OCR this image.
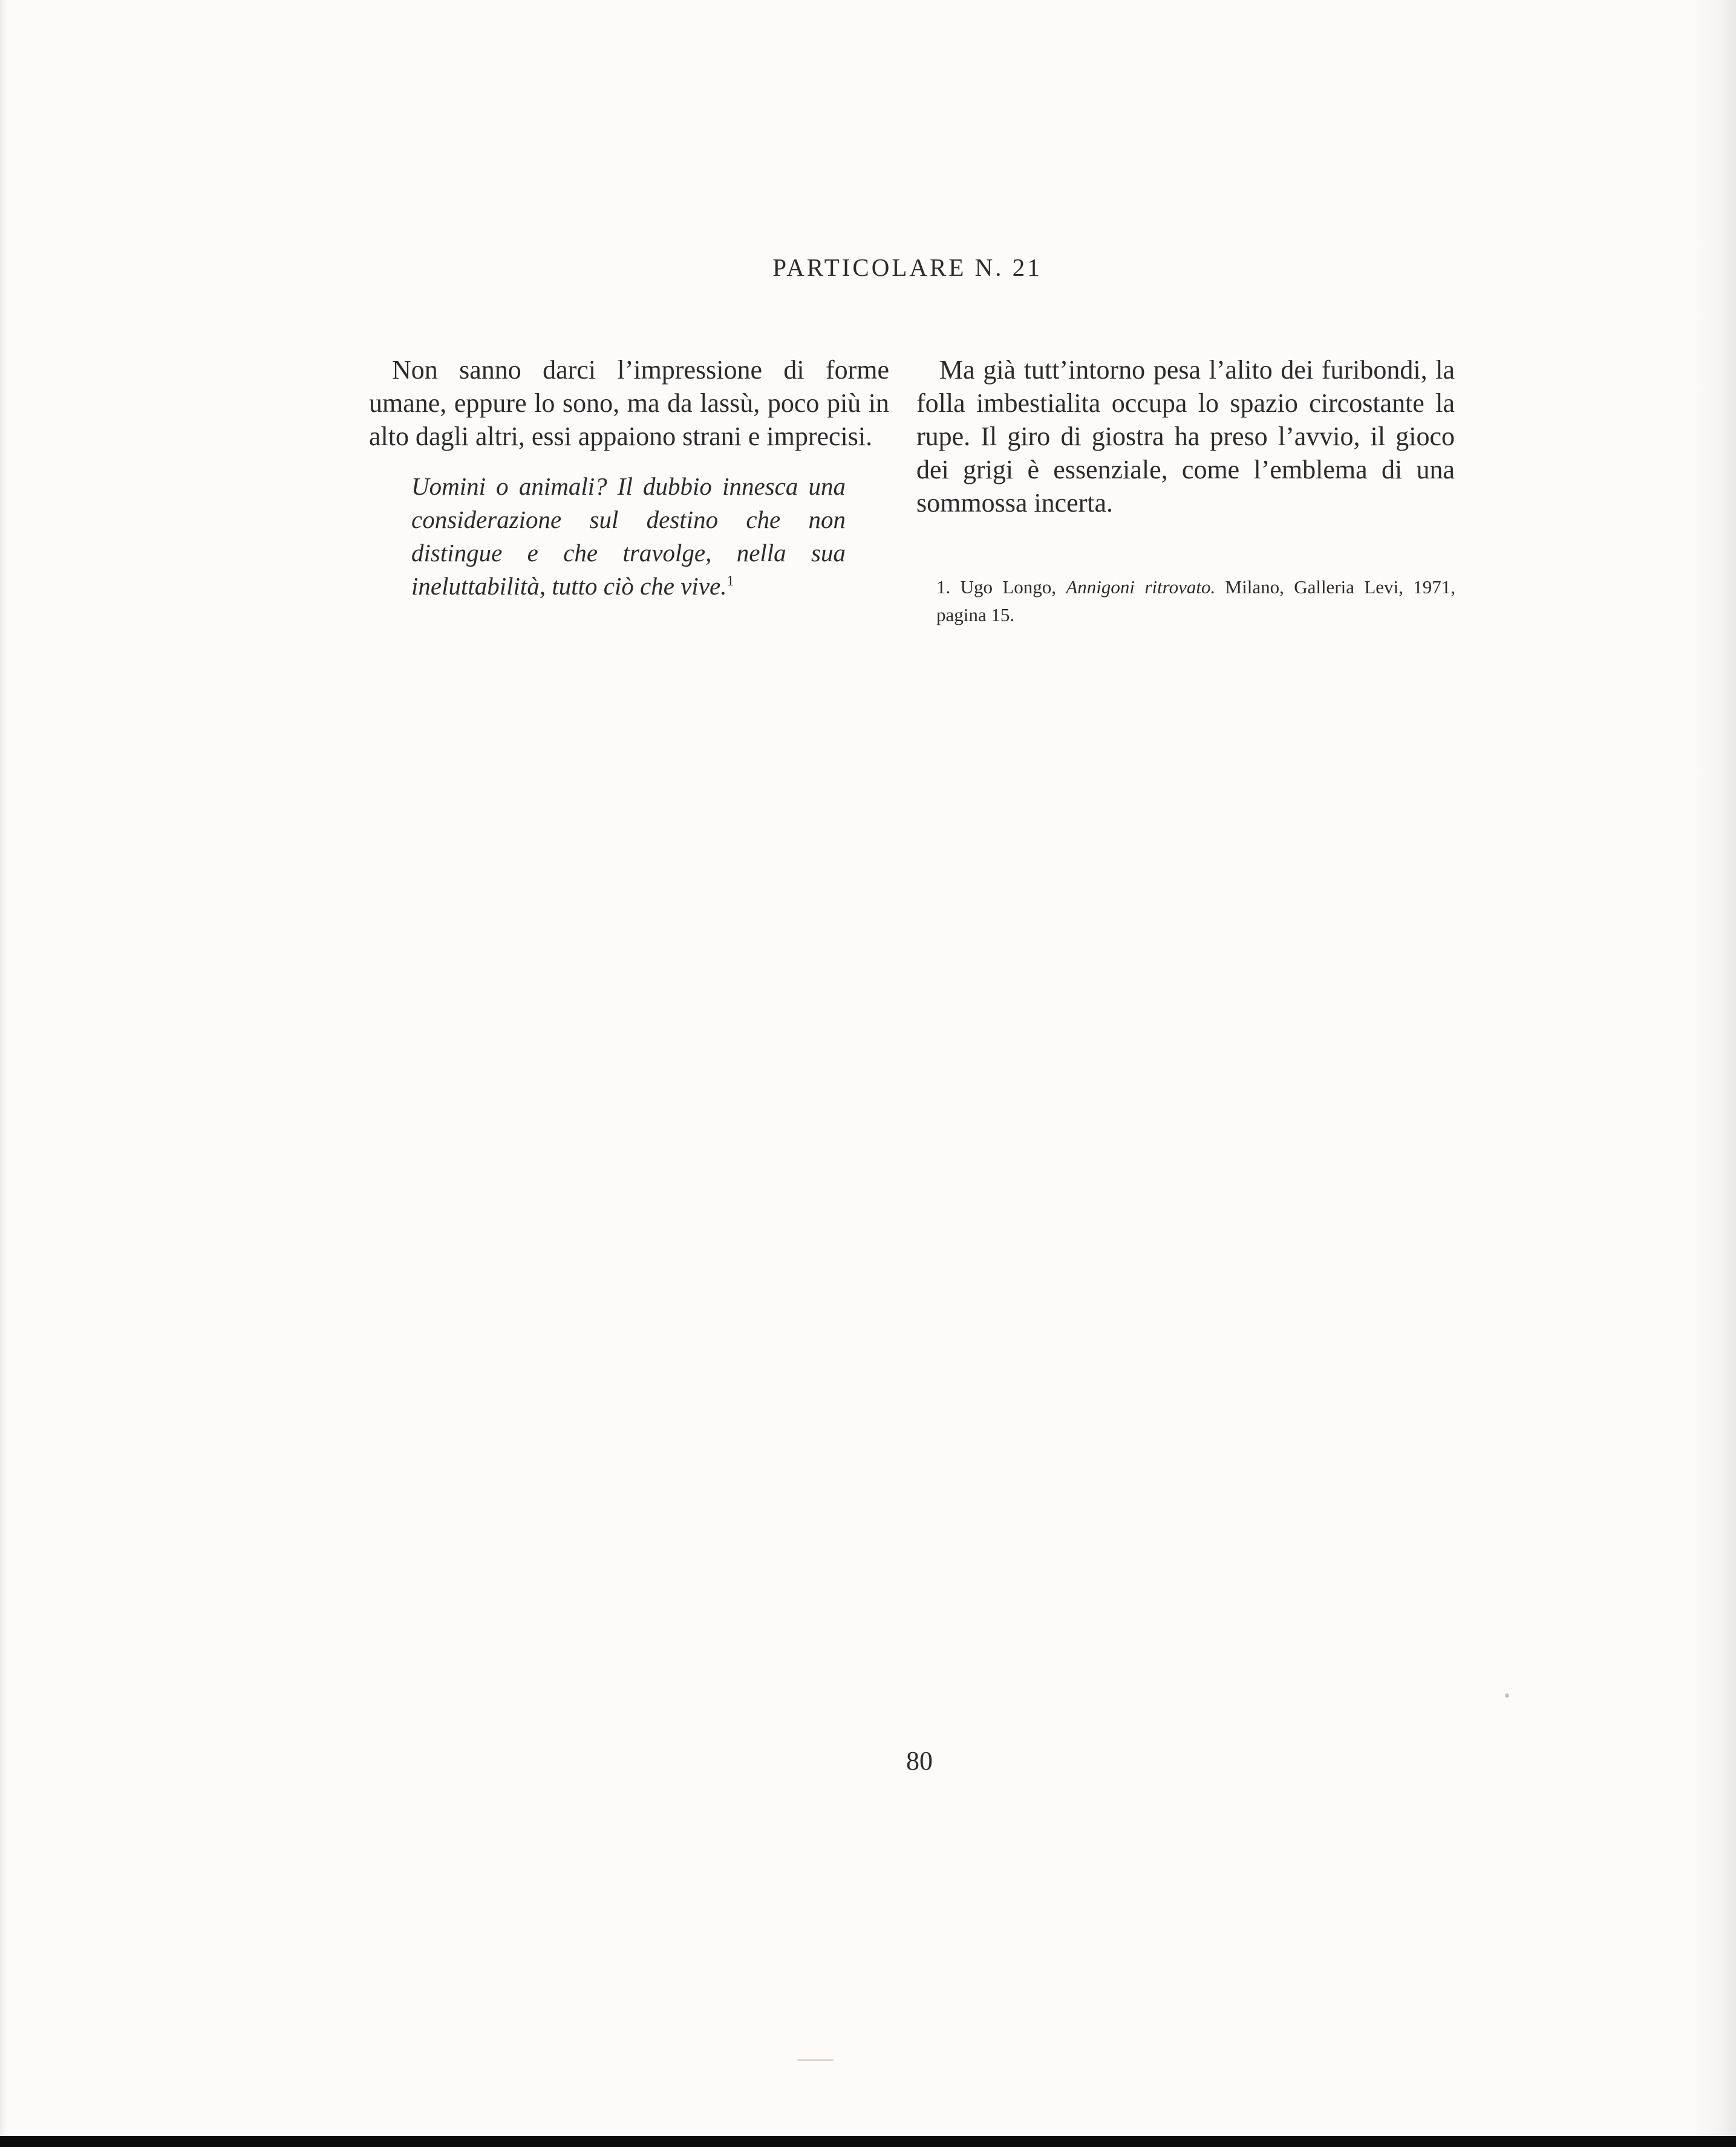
PARTICOLARE N. 21

Non sanno darci l’impressione di forme umane, eppure lo sono, ma da lassù, poco più in alto dagli altri, essi appaiono strani e imprecisi.

Uomini o animali? Il dubbio innesca una considerazione sul destino che non distingue e che travolge, nella sua ineluttabilità, tutto ciò che vive.$^1$

Ma già tutt’intorno pesa l’alito dei furibondi, la folla imbestialita occupa lo spazio circostante la rupe. Il giro di giostra ha preso l’avvio, il gioco dei grigi è essenziale, come l’emblema di una sommossa incerta.

1. Ugo Longo, Annigoni ritrovato. Milano, Galleria Levi, 1971, pagina 15.
80
